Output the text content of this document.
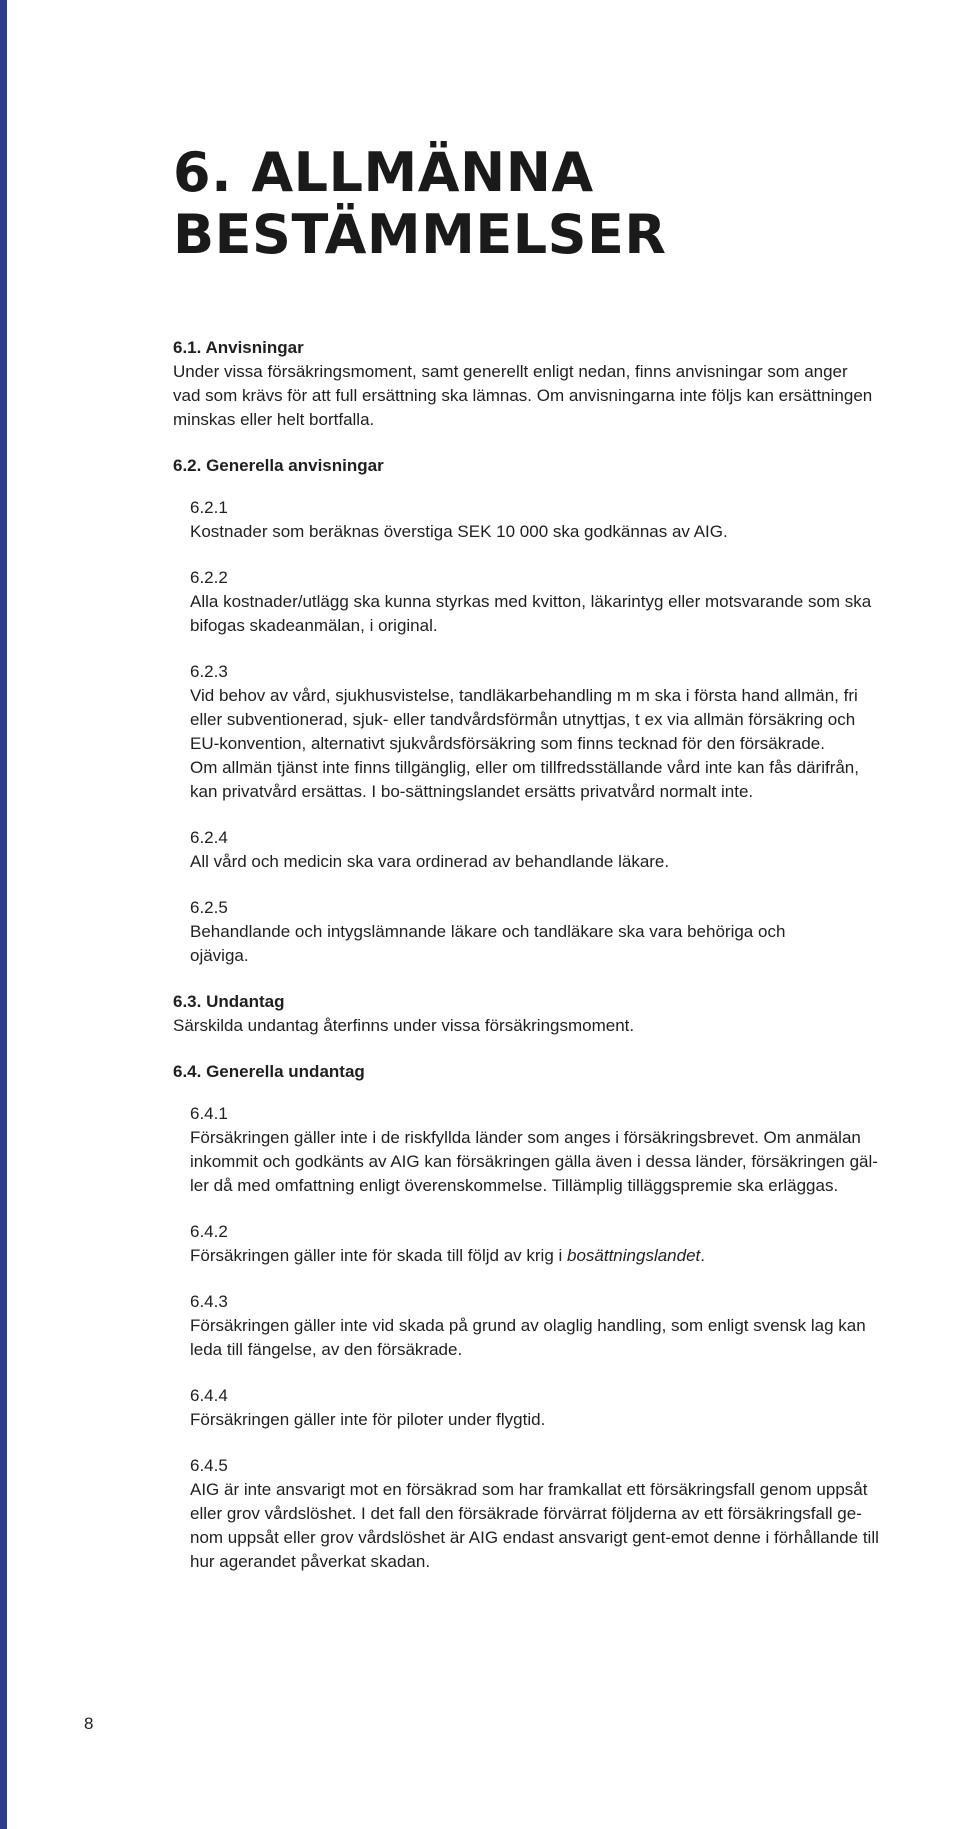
6. ALLMÄNNA
BESTÄMMELSER

6.1. Anvisningar

Under vissa försäkringsmoment, samt generellt enligt nedan, finns anvisningar som anger
vad som krävs för att full ersättning ska lämnas. Om anvisningarna inte följs kan ersättningen
minskas eller helt bortfalla.

6.2. Generella anvisningar

6.2.1

Kostnader som beräknas överstiga SEK 10 000 ska godkännas av AIG.

6.2.2

Alla kostnader/utlägg ska kunna styrkas med kvitton, läkarintyg eller motsvarande som ska
bifogas skadeanmälan, i original.

6.2.3

Vid behov av vård, sjukhusvistelse, tandläkarbehandling m m ska i första hand allmän, fri
eller subventionerad, sjuk- eller tandvårdsförmån utnyttjas, t ex via allmän försäkring och
EU-konvention, alternativt sjukvårdsförsäkring som finns tecknad för den försäkrade.
Om allmän tjänst inte finns tillgänglig, eller om tillfredsställande vård inte kan fås därifrån,
kan privatvård ersättas. I bo-sättningslandet ersätts privatvård normalt inte.

6.2.4

All vård och medicin ska vara ordinerad av behandlande läkare.

6.2.5

Behandlande och intygslämnande läkare och tandläkare ska vara behöriga och
ojäviga.

6.3. Undantag

Särskilda undantag återfinns under vissa försäkringsmoment.

6.4. Generella undantag

6.4.1

Försäkringen gäller inte i de riskfyllda länder som anges i försäkringsbrevet. Om anmälan
inkommit och godkänts av AIG kan försäkringen gälla även i dessa länder, försäkringen gäl-
ler då med omfattning enligt överenskommelse. Tillämplig tilläggspremie ska erläggas.

6.4.2

Försäkringen gäller inte för skada till följd av krig i bosättningslandet.

6.4.3

Försäkringen gäller inte vid skada på grund av olaglig handling, som enligt svensk lag kan
leda till fängelse, av den försäkrade.

6.4.4

Försäkringen gäller inte för piloter under flygtid.

6.4.5

AIG är inte ansvarigt mot en försäkrad som har framkallat ett försäkringsfall genom uppsåt
eller grov vårdslöshet. I det fall den försäkrade förvärrat följderna av ett försäkringsfall ge-
nom uppsåt eller grov vårdslöshet är AIG endast ansvarigt gent-emot denne i förhållande till
hur agerandet påverkat skadan.

8
